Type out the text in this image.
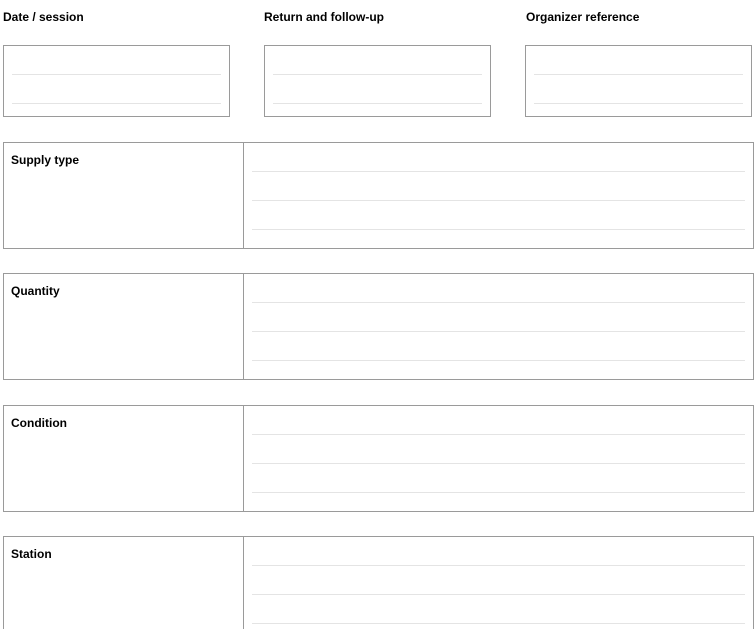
Date / session	Return and follow-up	Organizer reference
Supply type
Quantity
Condition
Station
